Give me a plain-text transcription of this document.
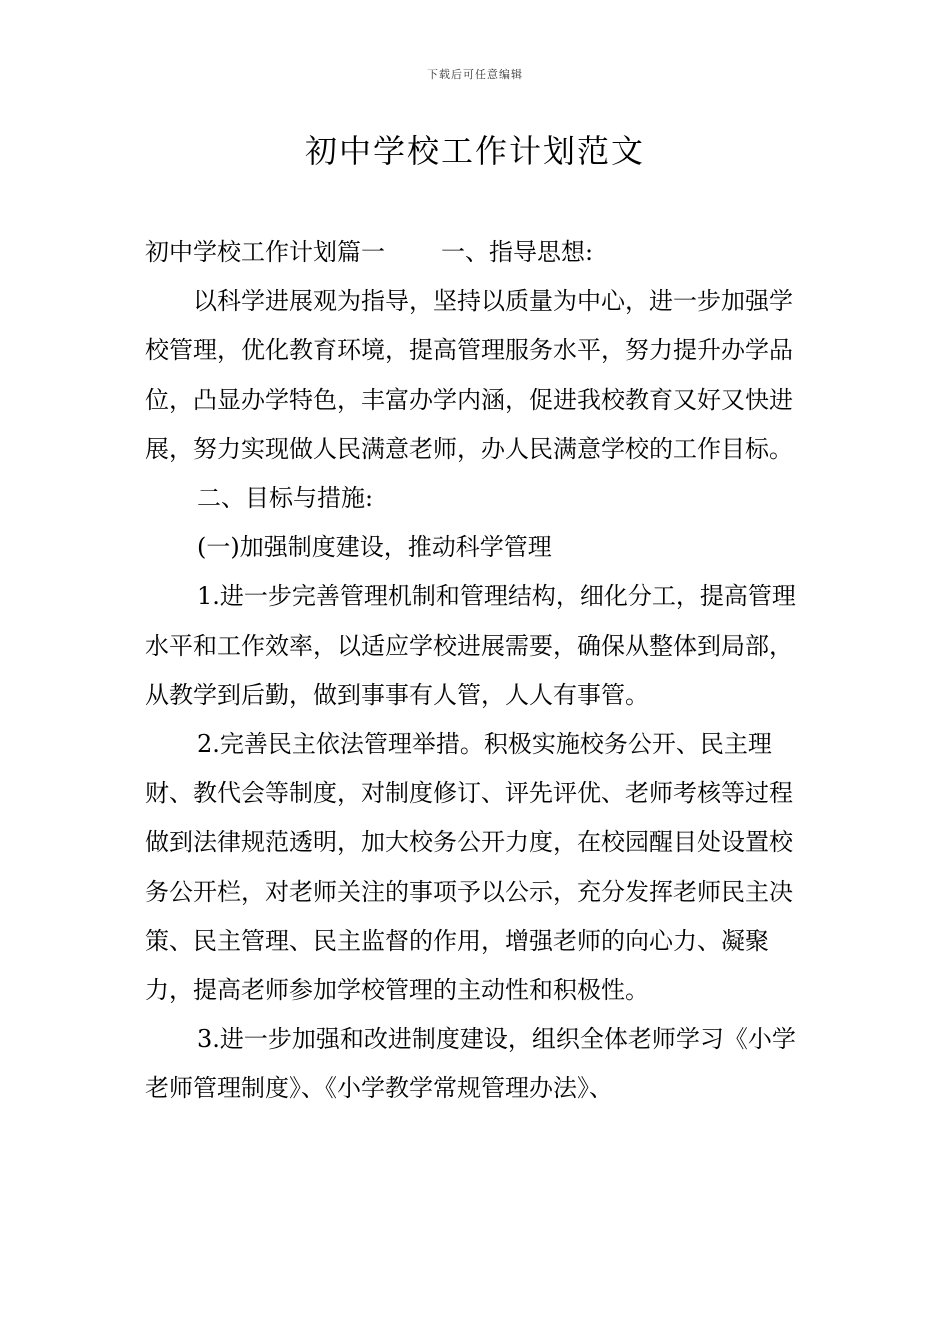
下载后可任意编辑
初中学校工作计划范文

初中学校工作计划篇一 一、指导思想:

以科学进展观为指导，坚持以质量为中心，进一步加强学校管理，优化教育环境，提高管理服务水平，努力提升办学品位，凸显办学特色，丰富办学内涵，促进我校教育又好又快进展，努力实现做人民满意老师，办人民满意学校的工作目标。

二、目标与措施:

(一)加强制度建设，推动科学管理

1.进一步完善管理机制和管理结构，细化分工，提高管理水平和工作效率，以适应学校进展需要，确保从整体到局部，从教学到后勤，做到事事有人管，人人有事管。

2.完善民主依法管理举措。积极实施校务公开、民主理财、教代会等制度，对制度修订、评先评优、老师考核等过程做到法律规范透明，加大校务公开力度，在校园醒目处设置校务公开栏，对老师关注的事项予以公示，充分发挥老师民主决策、民主管理、民主监督的作用，增强老师的向心力、凝聚力，提高老师参加学校管理的主动性和积极性。

3.进一步加强和改进制度建设，组织全体老师学习《小学老师管理制度》、《小学教学常规管理办法》、
